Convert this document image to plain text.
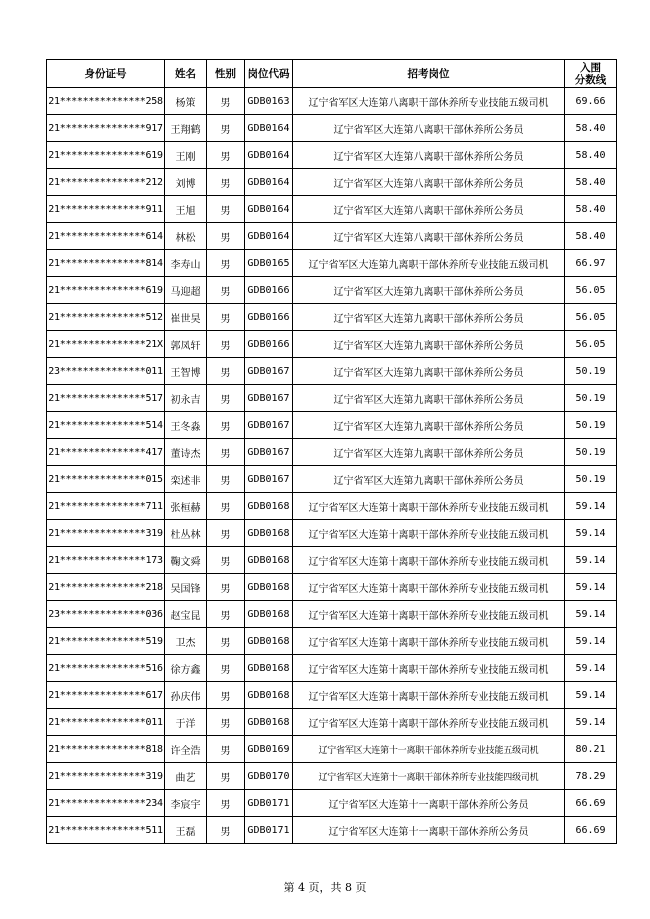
身份证号	姓名	性别	岗位代码	招考岗位	入围
分数线

21***************258	杨策	男	GDB0163	辽宁省军区大连第八离职干部休养所专业技能五级司机	69.66
21***************917	王翔鹤	男	GDB0164	辽宁省军区大连第八离职干部休养所公务员	58.40
21***************619	王刚	男	GDB0164	辽宁省军区大连第八离职干部休养所公务员	58.40
21***************212	刘博	男	GDB0164	辽宁省军区大连第八离职干部休养所公务员	58.40
21***************911	王旭	男	GDB0164	辽宁省军区大连第八离职干部休养所公务员	58.40
21***************614	林松	男	GDB0164	辽宁省军区大连第八离职干部休养所公务员	58.40
21***************814	李寿山	男	GDB0165	辽宁省军区大连第九离职干部休养所专业技能五级司机	66.97
21***************619	马迎超	男	GDB0166	辽宁省军区大连第九离职干部休养所公务员	56.05
21***************512	崔世昊	男	GDB0166	辽宁省军区大连第九离职干部休养所公务员	56.05
21***************21X	郭凤轩	男	GDB0166	辽宁省军区大连第九离职干部休养所公务员	56.05
23***************011	王智博	男	GDB0167	辽宁省军区大连第九离职干部休养所公务员	50.19
21***************517	初永吉	男	GDB0167	辽宁省军区大连第九离职干部休养所公务员	50.19
21***************514	王冬淼	男	GDB0167	辽宁省军区大连第九离职干部休养所公务员	50.19
21***************417	董诗杰	男	GDB0167	辽宁省军区大连第九离职干部休养所公务员	50.19
21***************015	栾述非	男	GDB0167	辽宁省军区大连第九离职干部休养所公务员	50.19
21***************711	张桓赫	男	GDB0168	辽宁省军区大连第十离职干部休养所专业技能五级司机	59.14
21***************319	杜丛林	男	GDB0168	辽宁省军区大连第十离职干部休养所专业技能五级司机	59.14
21***************173	鞠文舜	男	GDB0168	辽宁省军区大连第十离职干部休养所专业技能五级司机	59.14
21***************218	吴国锋	男	GDB0168	辽宁省军区大连第十离职干部休养所专业技能五级司机	59.14
23***************036	赵宝昆	男	GDB0168	辽宁省军区大连第十离职干部休养所专业技能五级司机	59.14
21***************519	卫杰	男	GDB0168	辽宁省军区大连第十离职干部休养所专业技能五级司机	59.14
21***************516	徐方鑫	男	GDB0168	辽宁省军区大连第十离职干部休养所专业技能五级司机	59.14
21***************617	孙庆伟	男	GDB0168	辽宁省军区大连第十离职干部休养所专业技能五级司机	59.14
21***************011	于洋	男	GDB0168	辽宁省军区大连第十离职干部休养所专业技能五级司机	59.14
21***************818	许全浩	男	GDB0169	辽宁省军区大连第十一离职干部休养所专业技能五级司机	80.21
21***************319	曲艺	男	GDB0170	辽宁省军区大连第十一离职干部休养所专业技能四级司机	78.29
21***************234	李宸宇	男	GDB0171	辽宁省军区大连第十一离职干部休养所公务员	66.69
21***************511	王磊	男	GDB0171	辽宁省军区大连第十一离职干部休养所公务员	66.69
第 4 页，共 8 页
